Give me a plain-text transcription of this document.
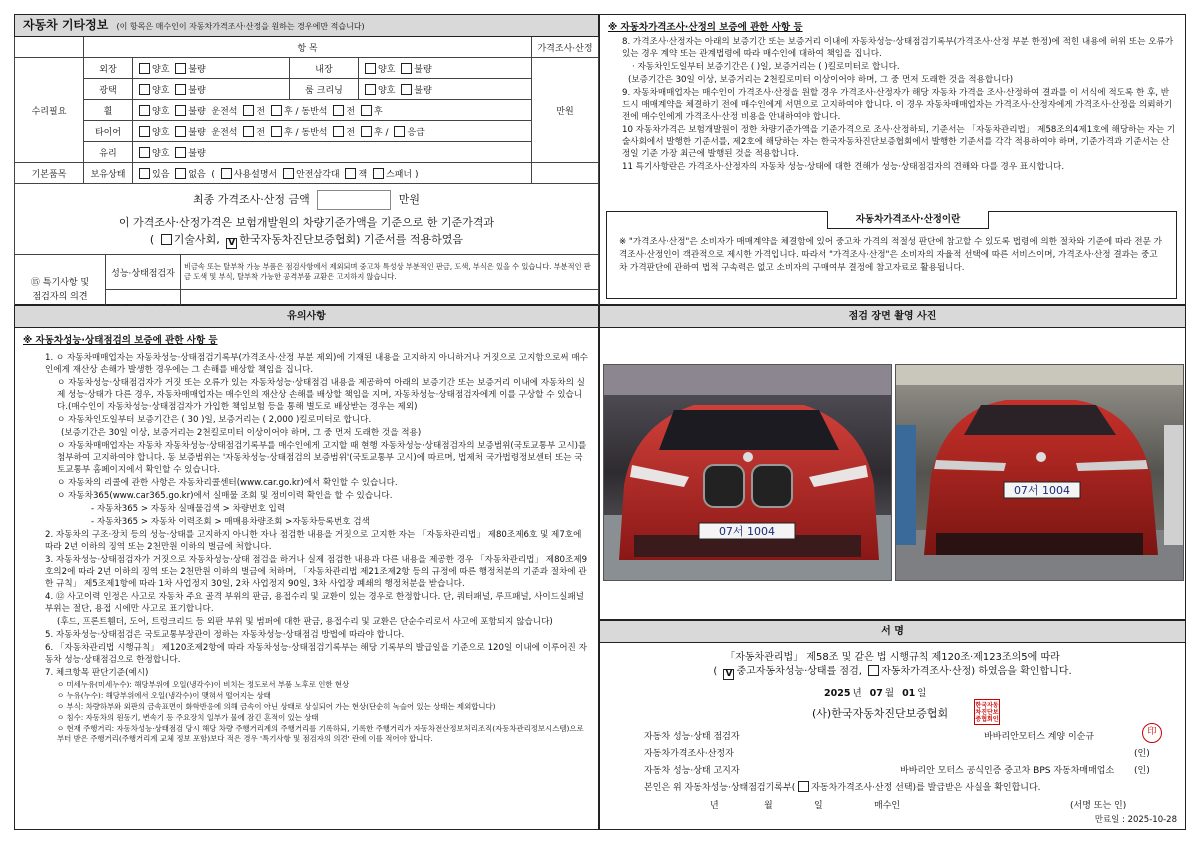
자동차 기타정보 (이 항목은 매수인이 자동차가격조사·산정을 원하는 경우에만 적습니다)
	항 목				가격조사·산정
수리필요	외장	양호 불량	내장	양호 불량	만원
	광택	양호 불량	룸 크리닝	양호 불량	
	휠	양호 불량 운전석 전 후 / 동반석 전 후			
	타이어	양호 불량 운전석 전 후 / 동반석 전 후 / 응급			
	유리	양호 불량			
기본품목	보유상태	있음 없음  ( 사용설명서 안전삼각대 잭 스패너 )			

최종 가격조사·산정 금액 만원
이 가격조사·산정가격은 보험개발원의 차량기준가액을 기준으로 한 기준가격과
( 기술사회, V 한국자동차진단보증협회) 기준서를 적용하였음					
⑮ 특기사항 및
점검자의 의견	성능·상태점검자	비금속 또는 탈부착 가능 부품은 점검사항에서 제외되며 중고차 특성상 부분적인 판금, 도색, 부식은 있을 수 있습니다. 부분적인 판금 도색 및 부식, 탈부착 가능한 공격부품 교환은 고지하지 않습니다.

※ 자동차가격조사·산정의 보증에 관한 사항 등
8. 가격조사·산정자는 아래의 보증기간 또는 보증거리 이내에 자동차성능·상태점검기록부(가격조사·산정 부분 한정)에 적힌 내용에 허위 또는 오류가 있는 경우 계약 또는 관계법령에 따라 매수인에 대하여 책임을 집니다.
· 자동차인도일부터 보증기간은 ( )일, 보증거리는 ( )킬로미터로 합니다.
(보증기간은 30일 이상, 보증거리는 2천킬로미터 이상이어야 하며, 그 중 먼저 도래한 것을 적용합니다)
9. 자동차매매업자는 매수인이 가격조사·산정을 원할 경우 가격조사·산정자가 해당 자동차 가격을 조사·산정하여 결과를 이 서식에 적도록 한 후, 반드시 매매계약을 체결하기 전에 매수인에게 서면으로 고지하여야 합니다. 이 경우 자동차매매업자는 가격조사·산정자에게 가격조사·산정을 의뢰하기 전에 매수인에게 가격조사·산정 비용을 안내하여야 합니다.
10 자동차가격은 보험개발원이 정한 차량기준가액을 기준가격으로 조사·산정하되, 기준서는 「자동차관리법」 제58조의4제1호에 해당하는 자는 기술사회에서 발행한 기준서를, 제2호에 해당하는 자는 한국자동차진단보증협회에서 발행한 기준서를 각각 적용하여야 하며, 기준가격과 기준서는 산정일 기준 가장 최근에 발행된 것을 적용합니다.
11 특기사항란은 가격조사·산정자의 자동차 성능·상태에 대한 견해가 성능·상태점검자의 견해와 다를 경우 표시합니다.
자동차가격조사·산정이란
※ "가격조사·산정"은 소비자가 매매계약을 체결함에 있어 중고차 가격의 적절성 판단에 참고할 수 있도록 법령에 의한 절차와 기준에 따라 전문 가격조사·산정인이 객관적으로 제시한 가격입니다. 따라서 "가격조사·산정"은 소비자의 자율적 선택에 따른 서비스이며, 가격조사·산정 결과는 중고차 가격판단에 관하여 법적 구속력은 없고 소비자의 구매여부 결정에 참고자료로 활용됩니다.
유의사항
※ 자동차성능·상태점검의 보증에 관한 사항 등
1. ㅇ 자동차매매업자는 자동차성능·상태점검기록부(가격조사·산정 부분 제외)에 기재된 내용을 고지하지 아니하거나 거짓으로 고지함으로써 매수인에게 재산상 손해가 발생한 경우에는 그 손해를 배상할 책임을 집니다.
ㅇ 자동차성능·상태점검자가 거짓 또는 오류가 있는 자동차성능·상태점검 내용을 제공하여 아래의 보증기간 또는 보증거리 이내에 자동차의 실제 성능·상태가 다른 경우, 자동차매매업자는 매수인의 재산상 손해를 배상할 책임을 지며, 자동차성능·상태점검자에게 이를 구상할 수 있습니다.(매수인이 자동차성능·상태점검자가 가입한 책임보험 등을 통해 별도로 배상받는 경우는 제외)
ㅇ 자동차인도일부터 보증기간은 ( 30 )일, 보증거리는 ( 2,000 )킬로미터로 합니다.
(보증기간은 30일 이상, 보증거리는 2천킬로미터 이상이어야 하며, 그 중 먼저 도래한 것을 적용)
ㅇ 자동차매매업자는 자동차 자동차성능·상태점검기록부를 매수인에게 고지할 때 현행 자동차성능·상태점검자의 보증범위(국토교통부 고시)를 첨부하여 고지하여야 합니다. 동 보증범위는 '자동차성능·상태점검의 보증범위'(국토교통부 고시)에 따르며, 법제처 국가법령정보센터 또는 국토교통부 홈페이지에서 확인할 수 있습니다.
ㅇ 자동차의 리콜에 관한 사항은 자동차리콜센터(www.car.go.kr)에서 확인할 수 있습니다.
ㅇ 자동차365(www.car365.go.kr)에서 실매물 조회 및 정비이력 확인을 할 수 있습니다.
- 자동차365 > 자동차 실매물검색 > 차량번호 입력
- 자동차365 > 자동차 이력조회 > 매매용차량조회 >자동차등록번호 검색
2. 자동차의 구조·장치 등의 성능·상태를 고지하지 아니한 자나 점검한 내용을 거짓으로 고지한 자는 「자동차관리법」 제80조제6호 및 제7호에 따라 2년 이하의 징역 또는 2천만원 이하의 벌금에 처합니다.
3. 자동차성능·상태점검자가 거짓으로 자동차성능·상태 점검을 하거나 실제 점검한 내용과 다른 내용을 제공한 경우 「자동차관리법」 제80조제9호의2에 따라 2년 이하의 징역 또는 2천만원 이하의 벌금에 처하며, 「자동차관리법 제21조제2항 등의 규정에 따른 행정처분의 기준과 절차에 관한 규칙」 제5조제1항에 따라 1차 사업정지 30일, 2차 사업정지 90일, 3차 사업장 폐쇄의 행정처분을 받습니다.
4. ⑫ 사고이력 인정은 사고로 자동차 주요 골격 부위의 판금, 용접수리 및 교환이 있는 경우로 한정합니다. 단, 쿼터패널, 루프패널, 사이드실패널 부위는 절단, 용접 시에만 사고로 표기합니다.
(후드, 프론트휀더, 도어, 트렁크리드 등 외판 부위 및 범퍼에 대한 판금, 용접수리 및 교환은 단순수리로서 사고에 포함되지 않습니다)
5. 자동차성능·상태점검은 국토교통부장관이 정하는 자동차성능·상태점검 방법에 따라야 합니다.
6. 「자동차관리법 시행규칙」 제120조제2항에 따라 자동차성능·상태점검기록부는 해당 기록부의 발급일을 기준으로 120일 이내에 이루어진 자동차 성능·상태점검으로 한정합니다.
7. 체크항목 판단기준(예시)
ㅇ 미세누유(미세누수): 해당부위에 오일(냉각수)이 비치는 정도로서 부품 노후로 인한 현상
ㅇ 누유(누수): 해당부위에서 오일(냉각수)이 맺혀서 떨어지는 상태
ㅇ 부식: 차량하부와 외판의 금속표면이 화학반응에 의해 금속이 아닌 상태로 상실되어 가는 현상(단순히 녹슬어 있는 상태는 제외합니다)
ㅇ 침수: 자동차의 원동기, 변속기 등 주요장치 일부가 물에 잠긴 흔적이 있는 상태
ㅇ 현재 주행거리: 자동차성능·상태점검 당시 해당 차량 주행거리계의 주행거리를 기록하되, 기록한 주행거리가 자동차전산정보처리조직(자동차관리정보시스템)으로부터 받은 주행거리(주행거리계 교체 정보 포함)보다 적은 경우 '특기사항 및 점검자의 의견' 란에 이를 적어야 합니다.
점검 장면 촬영 사진
07서 1004
07서 1004
서 명
「자동차관리법」 제58조 및 같은 법 시행규칙 제120조·제123조의5에 따라
( V 중고자동차성능·상태를 점검, 자동차가격조사·산정) 하였음을 확인합니다.
2025 년 07 월 01 일
(사)한국자동차진단보증협회
한국자동차진단보증협회인
자동차 성능·상태 점검자	바바리안모터스 계양 이순규	印
자동차가격조사·산정자	(인)
자동차 성능·상태 고지자	바바리안 모터스 공식인증 중고차 BPS 자동차매매업소 (인)
본인은 위 자동차성능·상태점검기록부( 자동차가격조사·산정 선택)를 발급받은 사실을 확인합니다.
년	월	일	매수인	(서명 또는 인)
만료일 : 2025-10-28
